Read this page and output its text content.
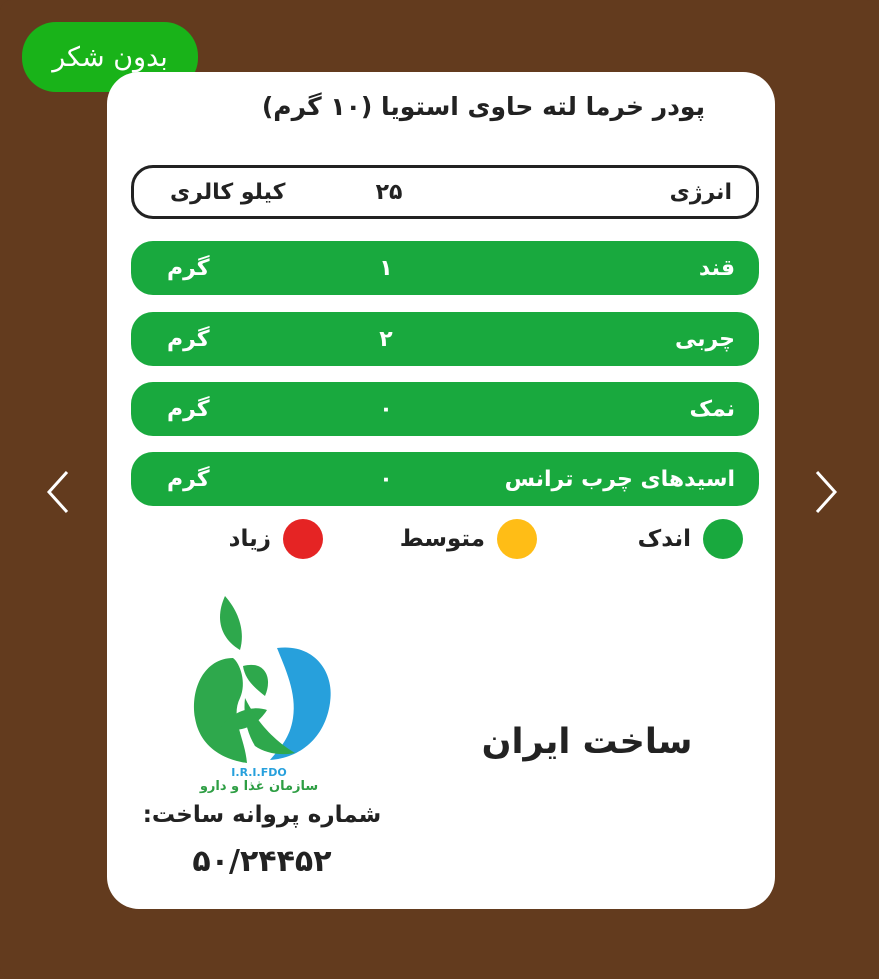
بدون شکر
پودر خرما لته حاوی استویا (۱۰ گرم)
انرژی
۲۵
کیلو کالری
قند
۱
گرم
چربی
۲
گرم
نمک
۰
گرم
اسیدهای چرب ترانس
۰
گرم
اندک
متوسط
زیاد
I.R.I.FDO
سازمان غذا و دارو
ساخت ایران
شماره پروانه ساخت:
۵۰/۲۴۴۵۲
